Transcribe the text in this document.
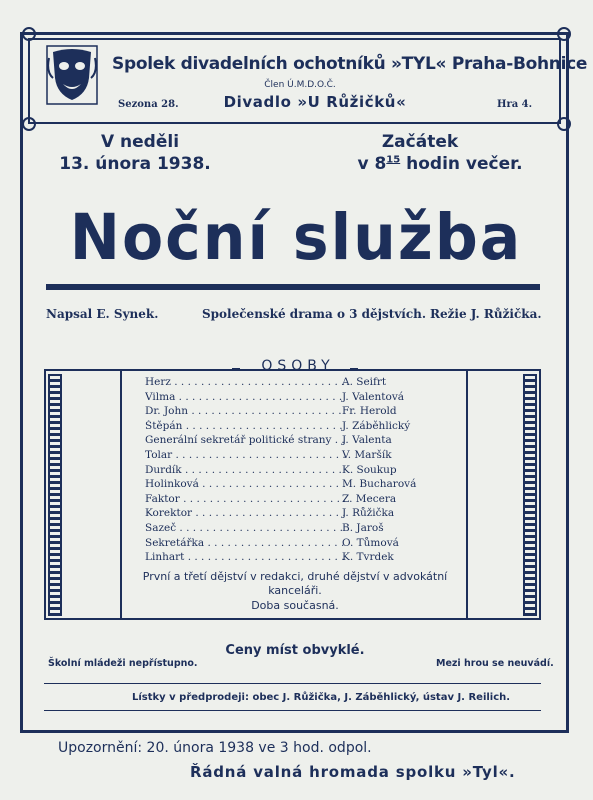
Spolek divadelních ochotníků »TYL« Praha-Bohnice
Člen Ú.M.D.O.Č.
Sezona 28.	Divadlo »U Růžičků«	Hra 4.
V neděli
13. února 1938.
Začátek
v $8^{15}$ hodin večer.
Noční služba
Napsal E. Synek.	Společenské drama o 3 dějstvích. Režie J. Růžička.
OSOBY
Herz . . .	A. Seifrt
Vilma . . .	J. Valentová
Dr. John . . .	Fr. Herold
Štěpán . . .	J. Záběhlický
Generální sekretář politické strany . . .	J. Valenta
Tolar . . .	V. Maršík
Durdík . . .	K. Soukup
Holinková . . .	M. Bucharová
Faktor . . .	Z. Mecera
Korektor . . .	J. Růžička
Sazeč . . .	B. Jaroš
Sekretářka . . .	O. Tůmová
Linhart . . .	K. Tvrdek
První a třetí dějství v redakci, druhé dějství v advokátní
kanceláři.
Doba současná.
Ceny míst obvyklé.
Školní mládeži nepřístupno.	Mezi hrou se neuvádí.
Lístky v předprodeji: obec J. Růžička, J. Záběhlický, ústav J. Reilich.
Upozornění: 20. února 1938 ve 3 hod. odpol.
Řádná valná hromada spolku »Tyl«.
